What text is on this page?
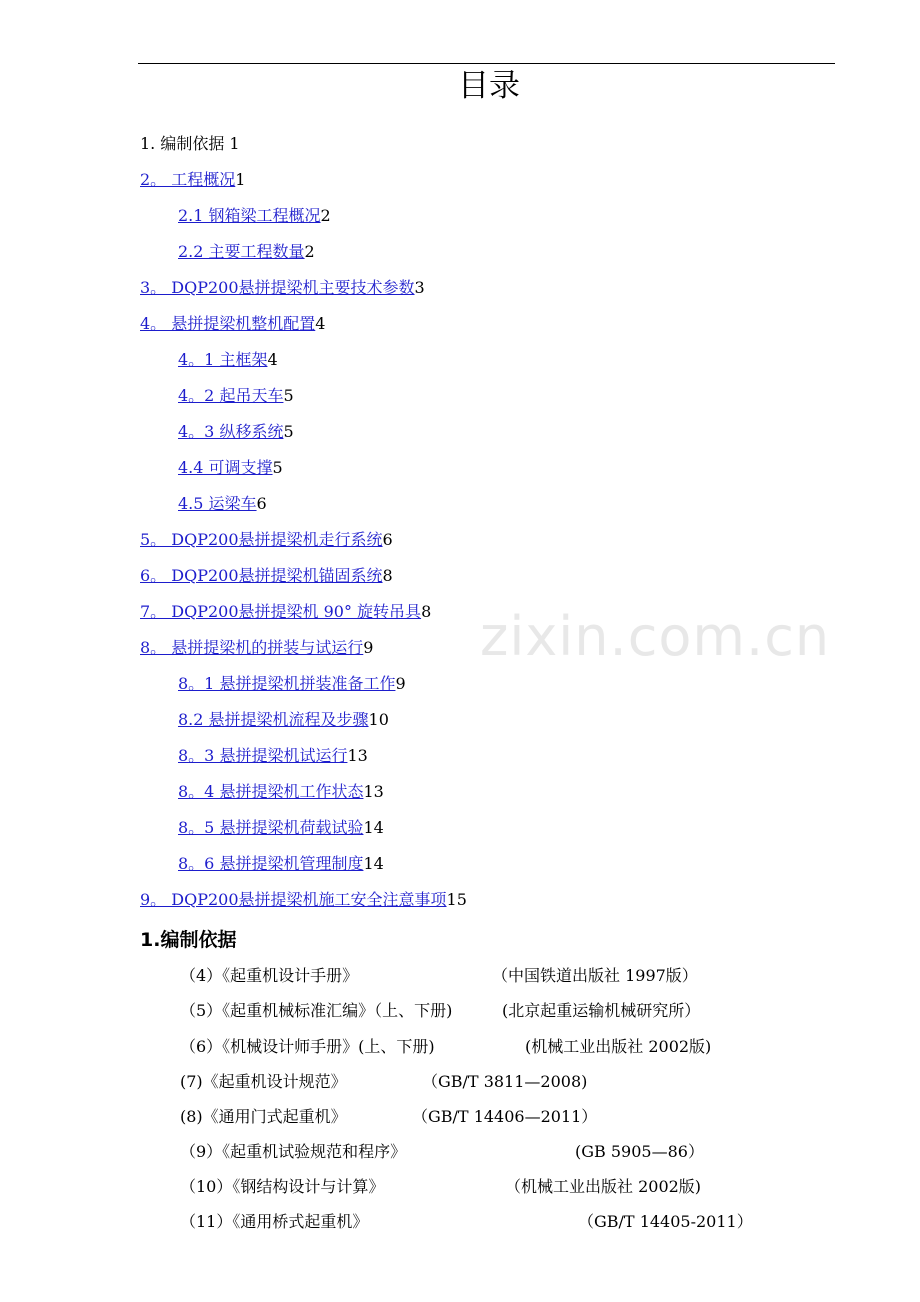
目录
1. 编制依据 1
2。 工程概况1
2.1 钢箱梁工程概况2
2.2 主要工程数量2
3。 DQP200悬拼提梁机主要技术参数3
4。 悬拼提梁机整机配置4
4。1 主框架4
4。2 起吊天车5
4。3 纵移系统5
4.4 可调支撑5
4.5 运梁车6
5。 DQP200悬拼提梁机走行系统6
6。 DQP200悬拼提梁机锚固系统8
7。 DQP200悬拼提梁机 90° 旋转吊具8
8。 悬拼提梁机的拼装与试运行9
8。1 悬拼提梁机拼装准备工作9
8.2 悬拼提梁机流程及步骤10
8。3 悬拼提梁机试运行13
8。4 悬拼提梁机工作状态13
8。5 悬拼提梁机荷载试验14
8。6 悬拼提梁机管理制度14
9。 DQP200悬拼提梁机施工安全注意事项15
1.编制依据
（4）《起重机设计手册》	（中国铁道出版社 1997版）
（5）《起重机械标准汇编》（上、下册)	(北京起重运输机械研究所）
（6）《机械设计师手册》(上、下册)	(机械工业出版社 2002版)
(7)《起重机设计规范》	（GB/T 3811—2008)
(8)《通用门式起重机》	（GB/T 14406—2011）
（9）《起重机试验规范和程序》	(GB 5905—86）
（10）《钢结构设计与计算》	（机械工业出版社 2002版)
（11）《通用桥式起重机》	（GB/T 14405-2011）
zixin.com.cn
